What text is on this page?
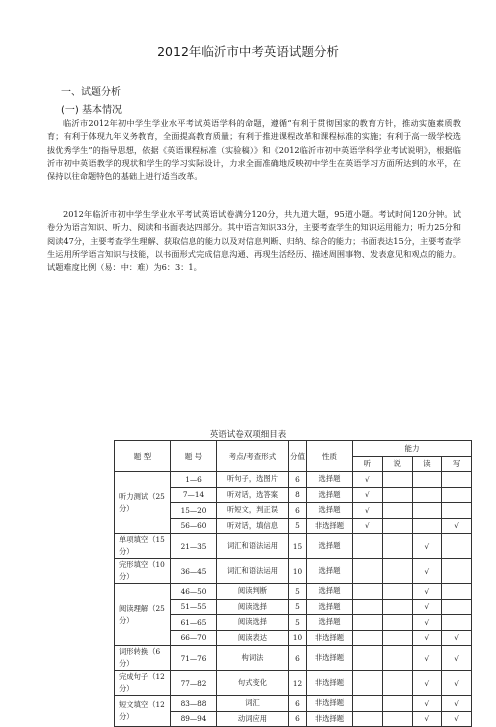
2012年临沂市中考英语试题分析
一、试题分析
(一) 基本情况

临沂市2012年初中学生学业水平考试英语学科的命题，遵循“有利于贯彻国家的教育方针，推动实施素质教育；有利于体现九年义务教育，全面提高教育质量；有利于推进课程改革和课程标准的实施；有利于高一级学校选拔优秀学生”的指导思想，依据《英语课程标准（实验稿）》和《2012临沂市初中英语学科学业考试说明》，根据临沂市初中英语教学的现状和学生的学习实际设计，力求全面准确地反映初中学生在英语学习方面所达到的水平，在保持以往命题特色的基础上进行适当改革。

2012年临沂市初中学生学业水平考试英语试卷满分120分，共九道大题，95道小题。考试时间120分钟。试卷分为语言知识、听力、阅读和书面表达四部分。其中语言知识33分，主要考查学生的知识运用能力；听力25分和阅读47分，主要考查学生理解、获取信息的能力以及对信息判断、归纳、综合的能力；书面表达15分，主要考查学生运用所学语言知识与技能，以书面形式完成信息沟通、再现生活经历、描述周围事物、发表意见和观点的能力。试题难度比例（易：中：难）为6：3：1。

英语试卷双项细目表
题 型	题 号	考点/考查形式	分值	性质	能力			
					听	说	读	写
听力测试（25分）	1—6	听句子，选图片	6	选择题	√			
	7—14	听对话，选答案	8	选择题	√			
	15—20	听短文，判正误	6	选择题	√			
	56—60	听对话，填信息	5	非选择题	√			√
单项填空（15分）	21—35	词汇和语法运用	15	选择题			√	
完形填空（10分）	36—45	词汇和语法运用	10	选择题			√	
阅读理解（25分）	46—50	阅读判断	5	选择题			√	
	51—55	阅读选择	5	选择题			√	
	61—65	阅读选择	5	选择题			√	
	66—70	阅读表达	10	非选择题			√	√
词形转换（6分）	71—76	构词法	6	非选择题			√	√
完成句子（12分）	77—82	句式变化	12	非选择题			√	√
短文填空（12分）	83—88	词汇	6	非选择题			√	√
	89—94	动词应用	6	非选择题			√	√
